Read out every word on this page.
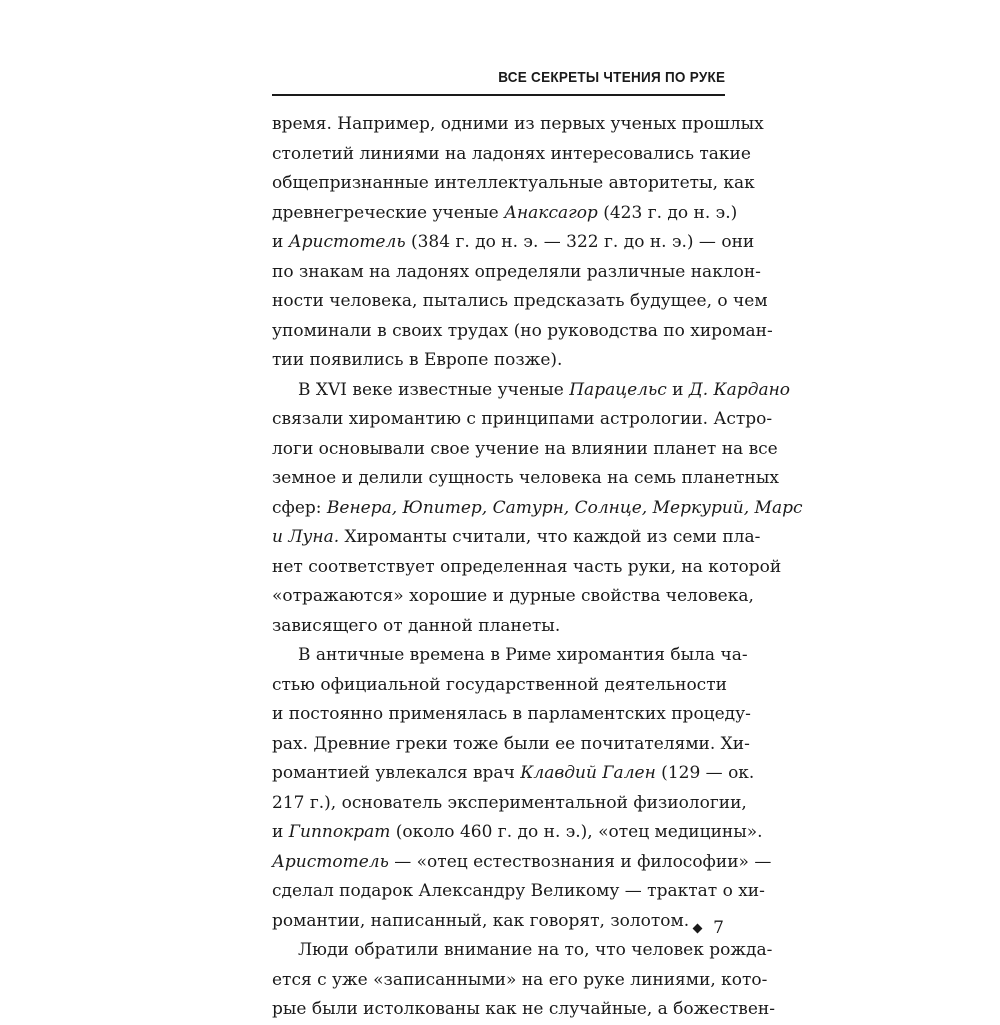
ВСЕ СЕКРЕТЫ ЧТЕНИЯ ПО РУКЕ
время. Например, одними из первых ученых прошлых
столетий линиями на ладонях интересовались такие
общепризнанные интеллектуальные авторитеты, как
древнегреческие ученые Анаксагор (423 г. до н. э.)
и Аристотель (384 г. до н. э. — 322 г. до н. э.) — они
по знакам на ладонях определяли различные наклон-
ности человека, пытались предсказать будущее, о чем
упоминали в своих трудах (но руководства по хироман-
тии появились в Европе позже).
В XVI веке известные ученые Парацельс и Д. Кардано
связали хиромантию с принципами астрологии. Астро-
логи основывали свое учение на влиянии планет на все
земное и делили сущность человека на семь планетных
сфер: Венера, Юпитер, Сатурн, Солнце, Меркурий, Марс
и Луна. Хироманты считали, что каждой из семи пла-
нет соответствует определенная часть руки, на которой
«отражаются» хорошие и дурные свойства человека,
зависящего от данной планеты.
В античные времена в Риме хиромантия была ча-
стью официальной государственной деятельности
и постоянно применялась в парламентских процеду-
рах. Древние греки тоже были ее почитателями. Хи-
романтией увлекался врач Клавдий Гален (129 — ок.
217 г.), основатель экспериментальной физиологии,
и Гиппократ (около 460 г. до н. э.), «отец медицины».
Аристотель — «отец естествознания и философии» —
сделал подарок Александру Великому — трактат о хи-
романтии, написанный, как говорят, золотом.
Люди обратили внимание на то, что человек рожда-
ется с уже «записанными» на его руке линиями, кото-
рые были истолкованы как не случайные, а божествен-
7
